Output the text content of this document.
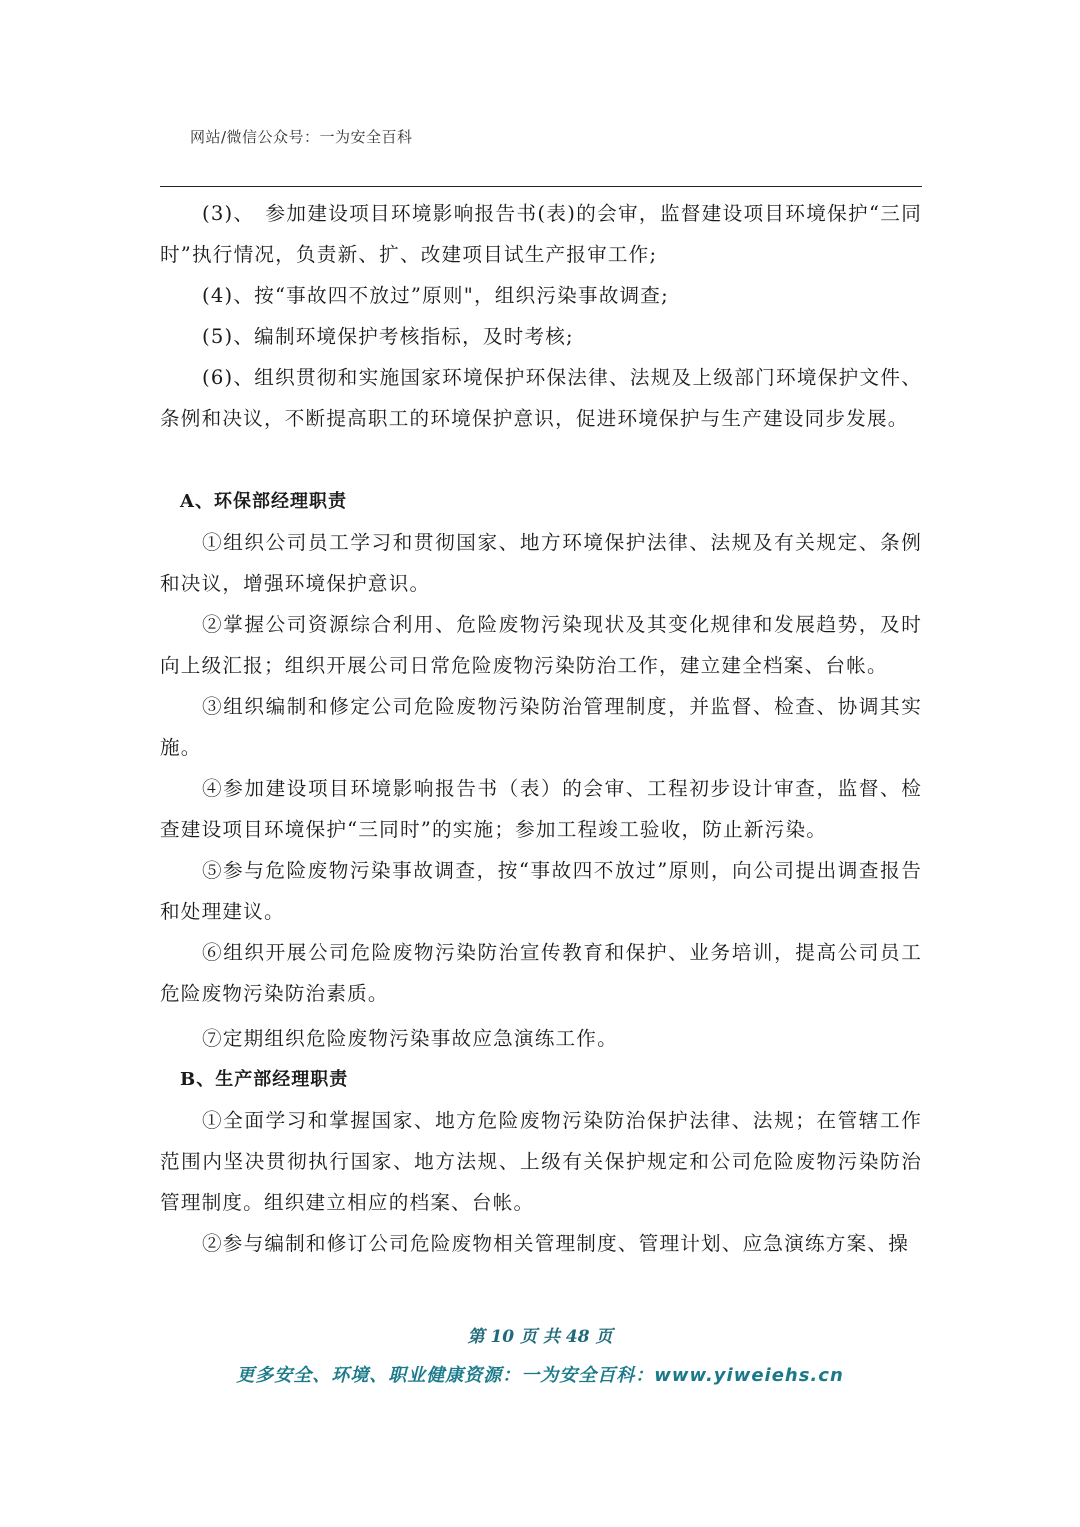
网站/微信公众号：一为安全百科

(3)、　参加建设项目环境影响报告书(表)的会审，监督建设项目环境保护“三同时”执行情况，负责新、扩、改建项目试生产报审工作;

(4)、按“事故四不放过”原则"，组织污染事故调查;

(5)、编制环境保护考核指标，及时考核;

(6)、组织贯彻和实施国家环境保护环保法律、法规及上级部门环境保护文件、条例和决议，不断提高职工的环境保护意识，促进环境保护与生产建设同步发展。

A、环保部经理职责

①组织公司员工学习和贯彻国家、地方环境保护法律、法规及有关规定、条例和决议，增强环境保护意识。

②掌握公司资源综合利用、危险废物污染现状及其变化规律和发展趋势，及时向上级汇报；组织开展公司日常危险废物污染防治工作，建立建全档案、台帐。

③组织编制和修定公司危险废物污染防治管理制度，并监督、检查、协调其实施。

④参加建设项目环境影响报告书（表）的会审、工程初步设计审查，监督、检查建设项目环境保护“三同时”的实施；参加工程竣工验收，防止新污染。

⑤参与危险废物污染事故调查，按“事故四不放过”原则，向公司提出调查报告和处理建议。

⑥组织开展公司危险废物污染防治宣传教育和保护、业务培训，提高公司员工危险废物污染防治素质。

⑦定期组织危险废物污染事故应急演练工作。

B、生产部经理职责

①全面学习和掌握国家、地方危险废物污染防治保护法律、法规；在管辖工作范围内坚决贯彻执行国家、地方法规、上级有关保护规定和公司危险废物污染防治管理制度。组织建立相应的档案、台帐。

②参与编制和修订公司危险废物相关管理制度、管理计划、应急演练方案、操

第 10 页 共 48 页
更多安全、环境、职业健康资源：一为安全百科：www.yiweiehs.cn
